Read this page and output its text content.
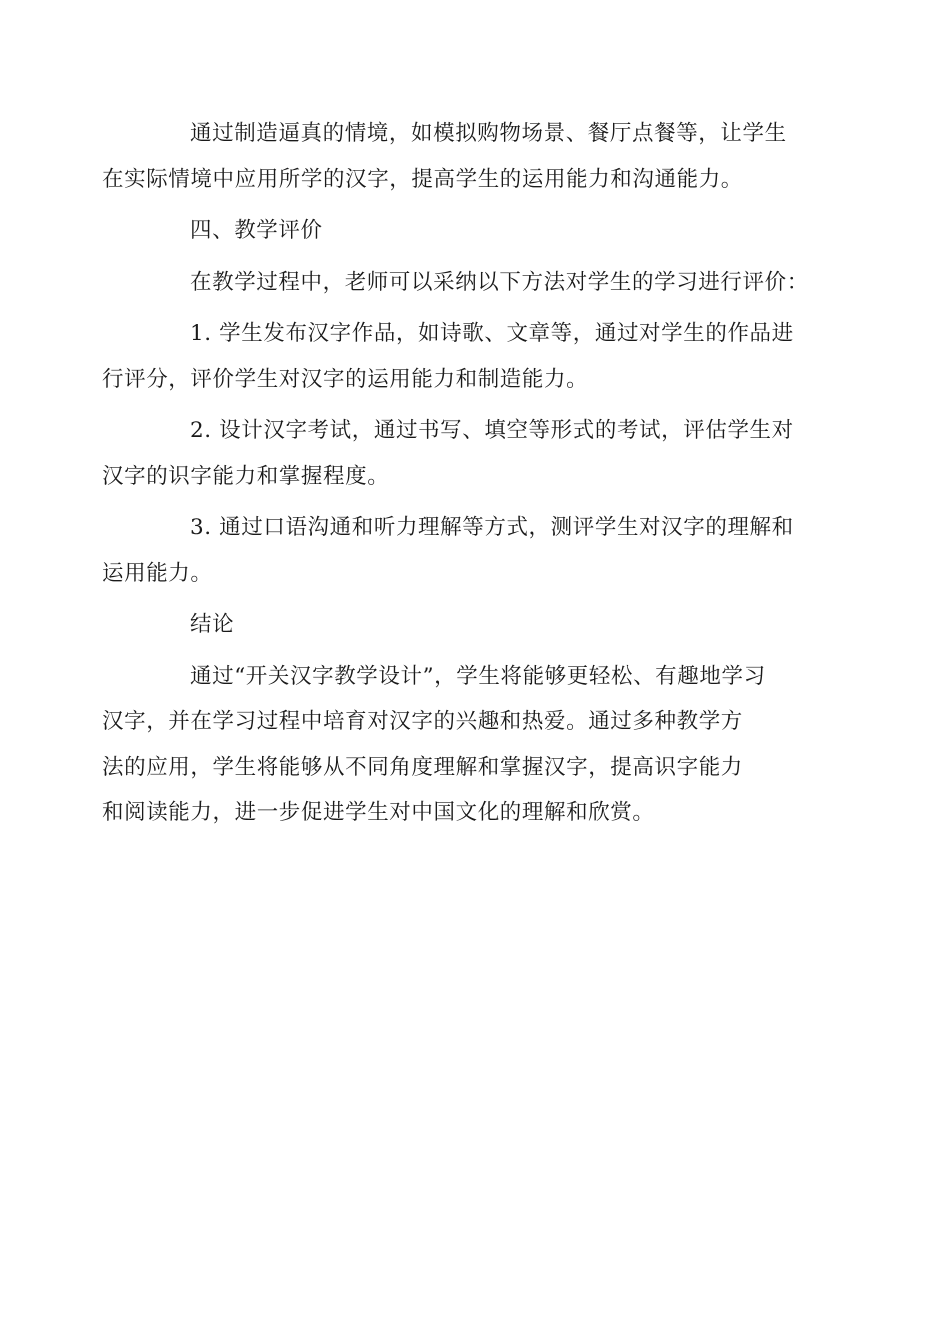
通过制造逼真的情境，如模拟购物场景、餐厅点餐等，让学生
在实际情境中应用所学的汉字，提高学生的运用能力和沟通能力。
四、教学评价
在教学过程中，老师可以采纳以下方法对学生的学习进行评价：
1. 学生发布汉字作品，如诗歌、文章等，通过对学生的作品进
行评分，评价学生对汉字的运用能力和制造能力。
2. 设计汉字考试，通过书写、填空等形式的考试，评估学生对
汉字的识字能力和掌握程度。
3. 通过口语沟通和听力理解等方式，测评学生对汉字的理解和
运用能力。
结论
通过“开关汉字教学设计”，学生将能够更轻松、有趣地学习
汉字，并在学习过程中培育对汉字的兴趣和热爱。通过多种教学方
法的应用，学生将能够从不同角度理解和掌握汉字，提高识字能力
和阅读能力，进一步促进学生对中国文化的理解和欣赏。
